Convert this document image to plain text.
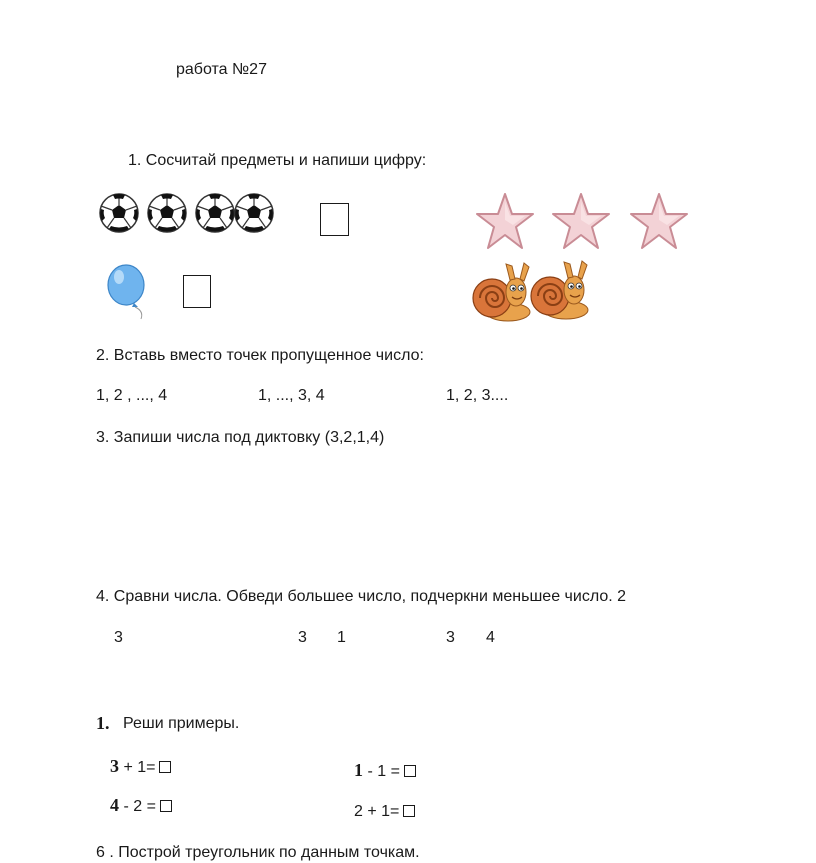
работа №27
1. Сосчитай предметы и напиши цифру:
2. Вставь вместо точек пропущенное число:
1, 2 , ..., 4	1, ..., 3, 4	1, 2, 3....
3. Запиши числа под диктовку (3,2,1,4)
4. Сравни числа. Обведи большее число, подчеркни меньшее число. 2
3	3 1	3 4
1. Реши примеры.
3 + 1=
4 - 2 =
1 - 1 =
2 + 1=
6 . Построй треугольник по данным точкам.
